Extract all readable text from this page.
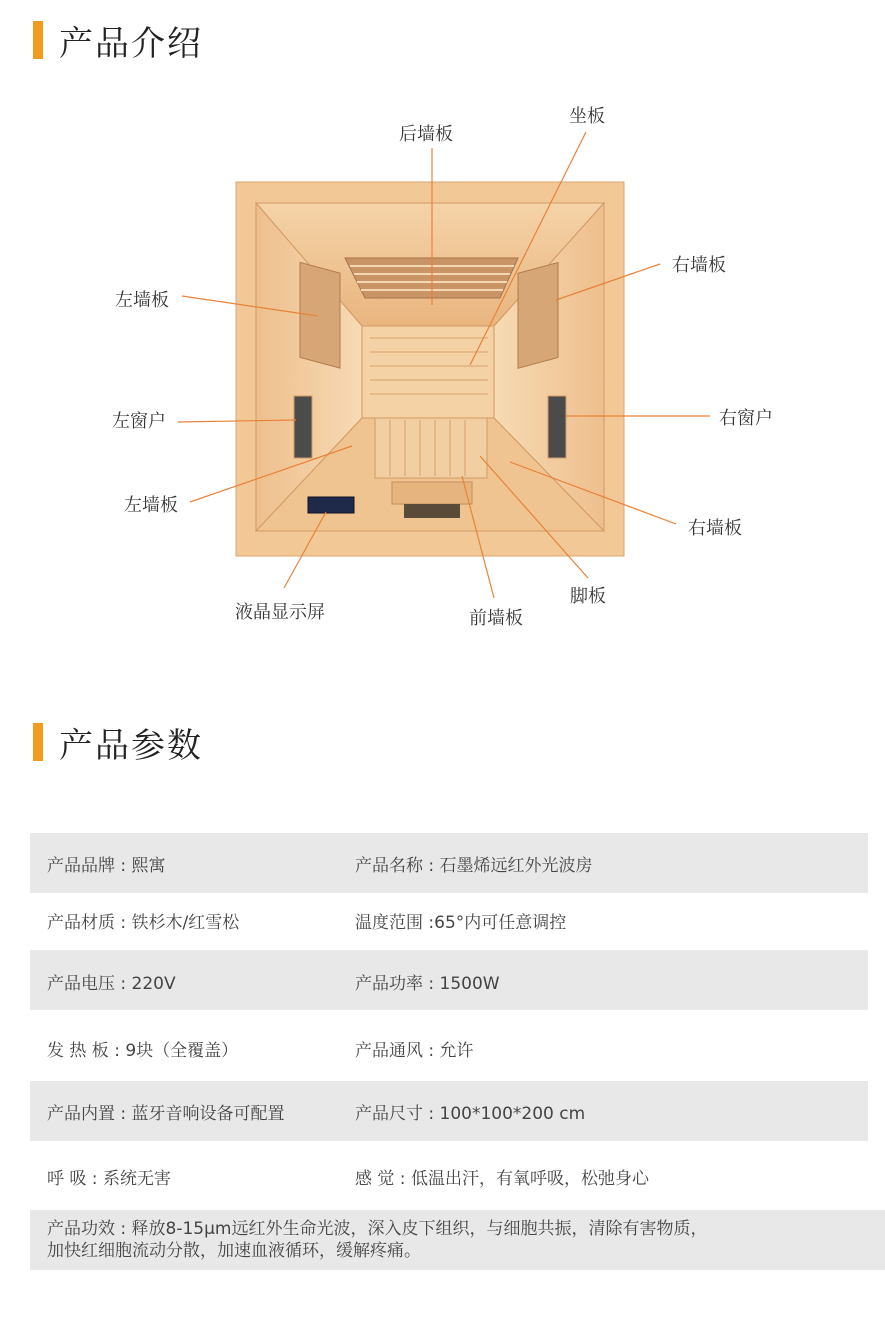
产品介绍
后墙板
坐板
右墙板
左墙板
左窗户	右窗户
左墙板
右墙板
液晶显示屏	前墙板
脚板
产品参数
产品品牌 : 熙寓	产品名称 : 石墨烯远红外光波房
产品材质 : 铁杉木/红雪松	温度范围 :65°内可任意调控
产品电压 : 220V	产品功率 : 1500W
发 热 板 : 9块（全覆盖）	产品通风 : 允许
产品内置 : 蓝牙音响设备可配置	产品尺寸 : 100*100*200 cm
呼 吸 : 系统无害	感 觉 : 低温出汗，有氧呼吸，松弛身心
产品功效 : 释放8-15μm远红外生命光波，深入皮下组织，与细胞共振，清除有害物质，
加快红细胞流动分散，加速血液循环，缓解疼痛。
